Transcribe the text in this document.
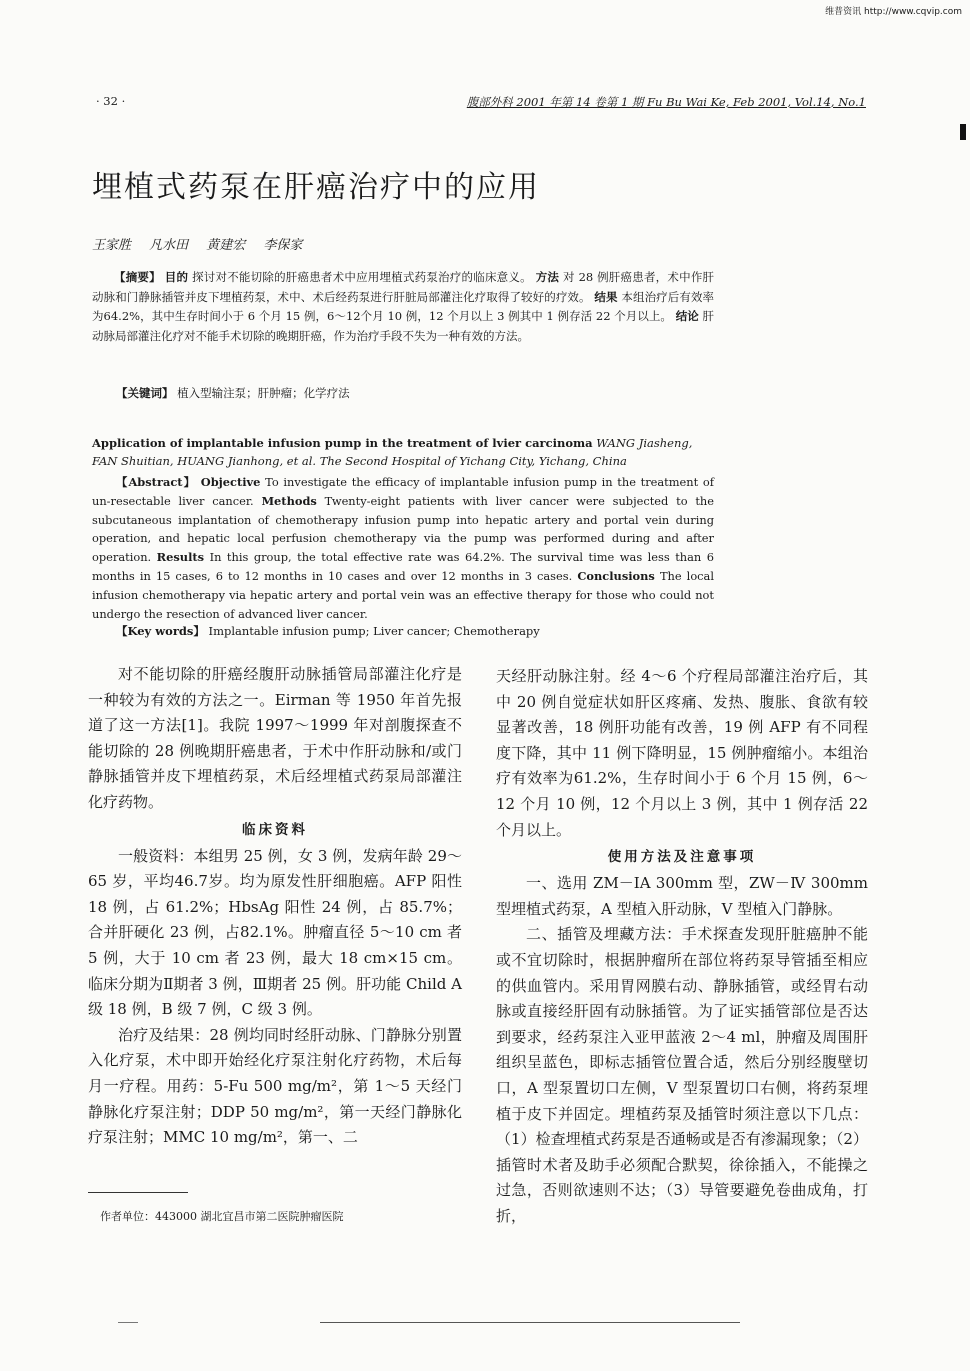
维普资讯 http://www.cqvip.com
· 32 ·	腹部外科 2001 年第 14 卷第 1 期 Fu Bu Wai Ke, Feb 2001, Vol.14, No.1
埋植式药泵在肝癌治疗中的应用
王家胜 凡水田 黄建宏 李保家
【摘要】 目的 探讨对不能切除的肝癌患者术中应用埋植式药泵治疗的临床意义。 方法 对 28 例肝癌患者，术中作肝动脉和门静脉插管并皮下埋植药泵，术中、术后经药泵进行肝脏局部灌注化疗取得了较好的疗效。 结果 本组治疗后有效率为64.2%，其中生存时间小于 6 个月 15 例，6～12个月 10 例，12 个月以上 3 例其中 1 例存活 22 个月以上。 结论 肝动脉局部灌注化疗对不能手术切除的晚期肝癌，作为治疗手段不失为一种有效的方法。
【关键词】 植入型输注泵；肝肿瘤；化学疗法
Application of implantable infusion pump in the treatment of lvier carcinoma WANG Jiasheng, FAN Shuitian, HUANG Jianhong, et al. The Second Hospital of Yichang City, Yichang, China
【Abstract】 Objective To investigate the efficacy of implantable infusion pump in the treatment of un-resectable liver cancer. Methods Twenty-eight patients with liver cancer were subjected to the subcutaneous implantation of chemotherapy infusion pump into hepatic artery and portal vein during operation, and hepatic local perfusion chemotherapy via the pump was performed during and after operation. Results In this group, the total effective rate was 64.2%. The survival time was less than 6 months in 15 cases, 6 to 12 months in 10 cases and over 12 months in 3 cases. Conclusions The local infusion chemotherapy via hepatic artery and portal vein was an effective therapy for those who could not undergo the resection of advanced liver cancer.
【Key words】 Implantable infusion pump; Liver cancer; Chemotherapy

对不能切除的肝癌经腹肝动脉插管局部灌注化疗是一种较为有效的方法之一。Eirman 等 1950 年首先报道了这一方法[1]。我院 1997～1999 年对剖腹探查不能切除的 28 例晚期肝癌患者，于术中作肝动脉和/或门静脉插管并皮下埋植药泵，术后经埋植式药泵局部灌注化疗药物。

临床资料

一般资料：本组男 25 例，女 3 例，发病年龄 29～65 岁，平均46.7岁。均为原发性肝细胞癌。AFP 阳性 18 例，占 61.2%；HbsAg 阳性 24 例，占 85.7%；合并肝硬化 23 例，占82.1%。肿瘤直径 5～10 cm 者 5 例，大于 10 cm 者 23 例，最大 18 cm×15 cm。临床分期为Ⅱ期者 3 例，Ⅲ期者 25 例。肝功能 Child A 级 18 例，B 级 7 例，C 级 3 例。

治疗及结果：28 例均同时经肝动脉、门静脉分别置入化疗泵，术中即开始经化疗泵注射化疗药物，术后每月一疗程。用药：5-Fu 500 mg/m²，第 1～5 天经门静脉化疗泵注射；DDP 50 mg/m²，第一天经门静脉化疗泵注射；MMC 10 mg/m²，第一、二

天经肝动脉注射。经 4～6 个疗程局部灌注治疗后，其中 20 例自觉症状如肝区疼痛、发热、腹胀、食欲有较显著改善，18 例肝功能有改善，19 例 AFP 有不同程度下降，其中 11 例下降明显，15 例肿瘤缩小。本组治疗有效率为61.2%，生存时间小于 6 个月 15 例，6～12 个月 10 例，12 个月以上 3 例，其中 1 例存活 22 个月以上。

使用方法及注意事项

一、选用 ZM－IA 300mm 型，ZW－Ⅳ 300mm 型埋植式药泵，A 型植入肝动脉，V 型植入门静脉。

二、插管及埋藏方法：手术探查发现肝脏癌肿不能或不宜切除时，根据肿瘤所在部位将药泵导管插至相应的供血管内。采用胃网膜右动、静脉插管，或经胃右动脉或直接经肝固有动脉插管。为了证实插管部位是否达到要求，经药泵注入亚甲蓝液 2～4 ml，肿瘤及周围肝组织呈蓝色，即标志插管位置合适，然后分别经腹壁切口，A 型泵置切口左侧，V 型泵置切口右侧，将药泵埋植于皮下并固定。埋植药泵及插管时须注意以下几点：（1）检查埋植式药泵是否通畅或是否有渗漏现象；（2）插管时术者及助手必须配合默契，徐徐插入，不能操之过急，否则欲速则不达；（3）导管要避免卷曲成角，打折，

作者单位：443000 湖北宜昌市第二医院肿瘤医院
